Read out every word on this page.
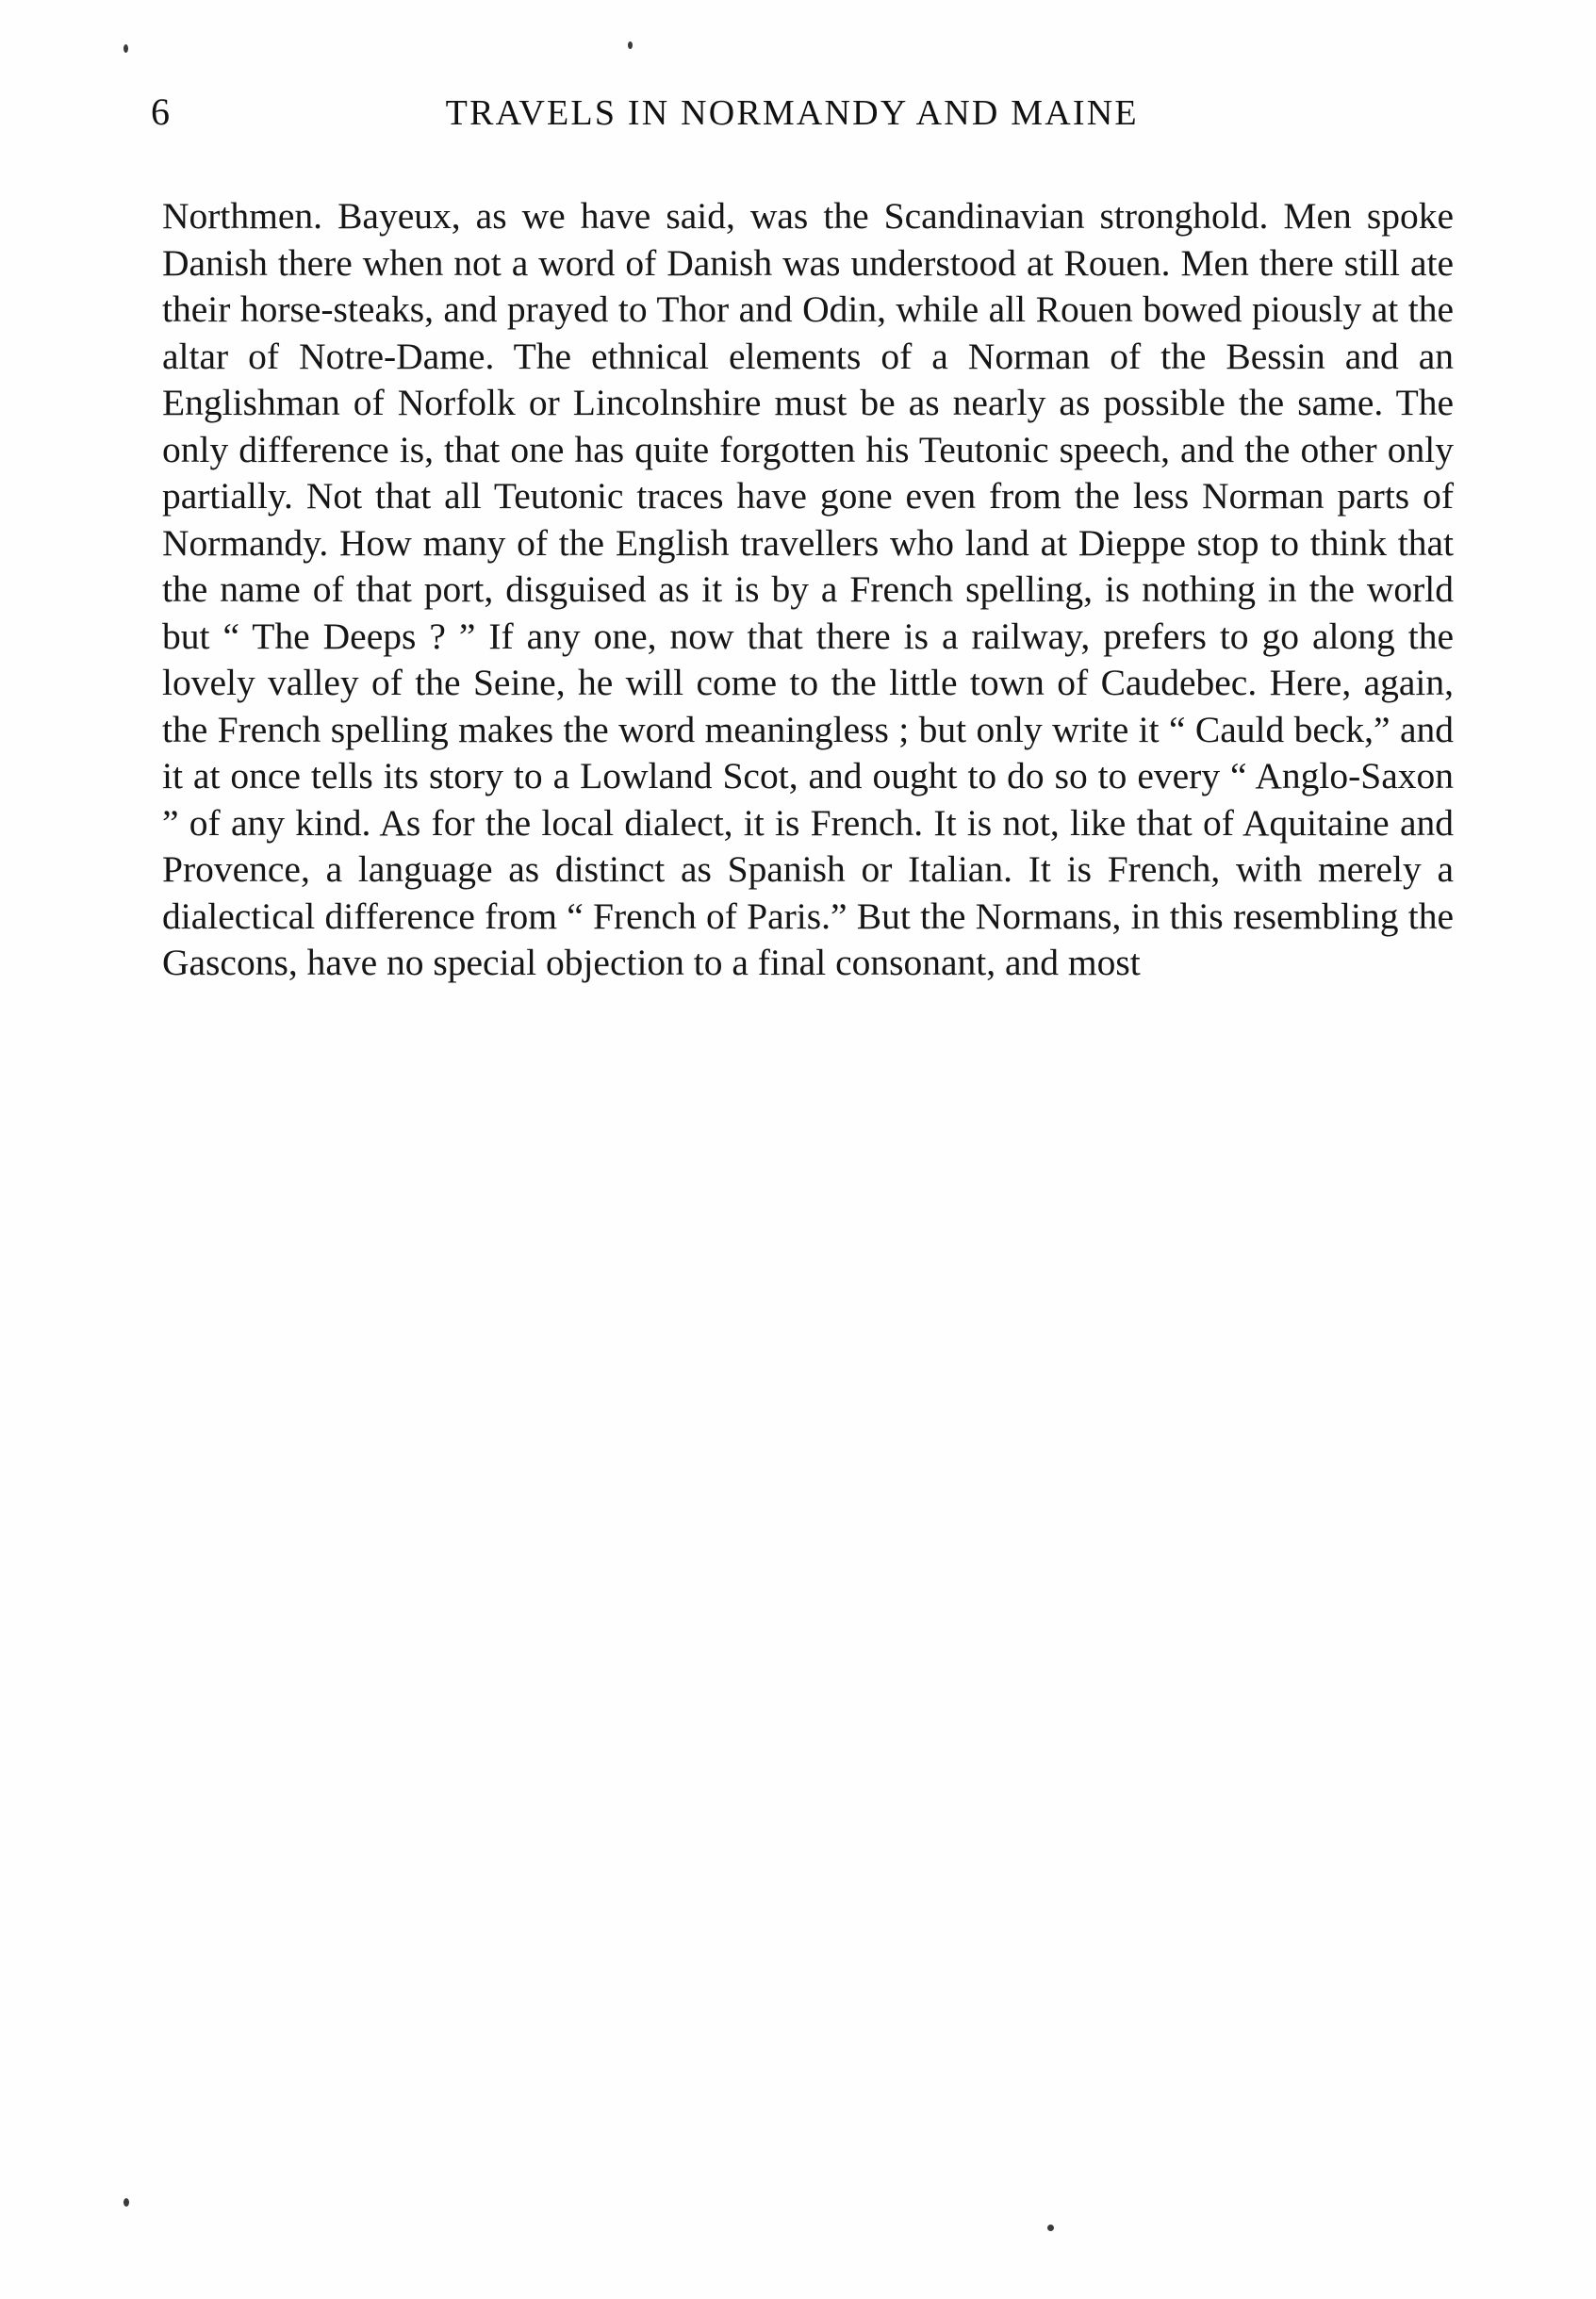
6	TRAVELS IN NORMANDY AND MAINE

Northmen. Bayeux, as we have said, was the Scandinavian stronghold. Men spoke Danish there when not a word of Danish was understood at Rouen. Men there still ate their horse-steaks, and prayed to Thor and Odin, while all Rouen bowed piously at the altar of Notre-Dame. The ethnical elements of a Norman of the Bessin and an Englishman of Norfolk or Lincolnshire must be as nearly as possible the same. The only difference is, that one has quite forgotten his Teutonic speech, and the other only partially. Not that all Teutonic traces have gone even from the less Norman parts of Normandy. How many of the English travellers who land at Dieppe stop to think that the name of that port, disguised as it is by a French spelling, is nothing in the world but “ The Deeps ? ” If any one, now that there is a railway, prefers to go along the lovely valley of the Seine, he will come to the little town of Caudebec. Here, again, the French spelling makes the word meaningless ; but only write it “ Cauld beck,” and it at once tells its story to a Lowland Scot, and ought to do so to every “ Anglo-Saxon ” of any kind. As for the local dialect, it is French. It is not, like that of Aquitaine and Provence, a language as distinct as Spanish or Italian. It is French, with merely a dialectical difference from “ French of Paris.” But the Normans, in this resembling the Gascons, have no special objection to a final consonant, and most
